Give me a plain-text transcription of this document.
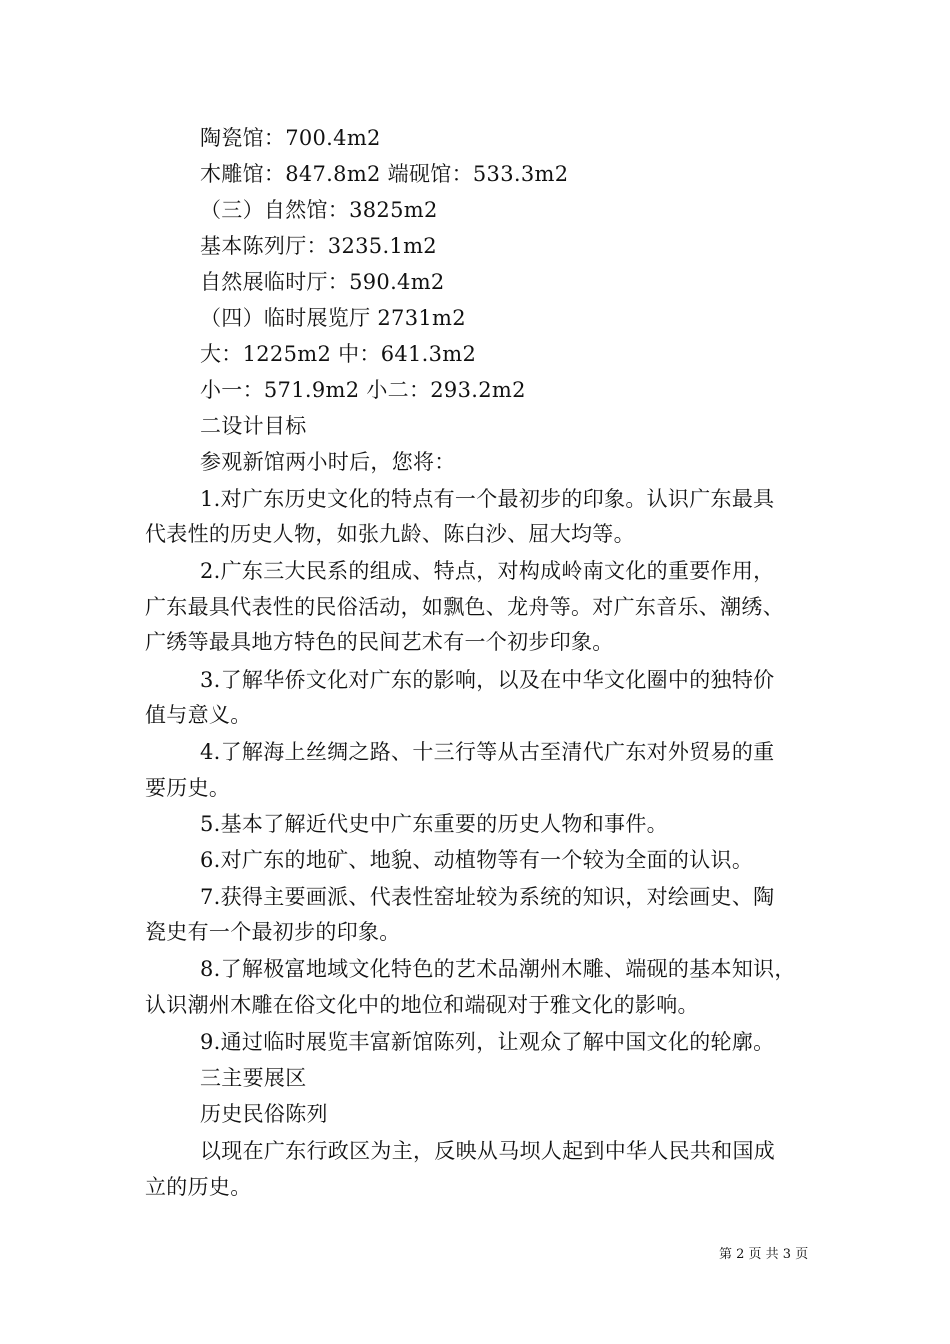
陶瓷馆：700.4m2
木雕馆：847.8m2 端砚馆：533.3m2
（三）自然馆：3825m2
基本陈列厅：3235.1m2
自然展临时厅：590.4m2
（四）临时展览厅 2731m2
大：1225m2 中：641.3m2
小一：571.9m2 小二：293.2m2
二设计目标
参观新馆两小时后，您将：
1.对广东历史文化的特点有一个最初步的印象。认识广东最具
代表性的历史人物，如张九龄、陈白沙、屈大均等。
2.广东三大民系的组成、特点，对构成岭南文化的重要作用，
广东最具代表性的民俗活动，如飘色、龙舟等。对广东音乐、潮绣、
广绣等最具地方特色的民间艺术有一个初步印象。
3.了解华侨文化对广东的影响，以及在中华文化圈中的独特价
值与意义。
4.了解海上丝绸之路、十三行等从古至清代广东对外贸易的重
要历史。
5.基本了解近代史中广东重要的历史人物和事件。
6.对广东的地矿、地貌、动植物等有一个较为全面的认识。
7.获得主要画派、代表性窑址较为系统的知识，对绘画史、陶
瓷史有一个最初步的印象。
8.了解极富地域文化特色的艺术品潮州木雕、端砚的基本知识，
认识潮州木雕在俗文化中的地位和端砚对于雅文化的影响。
9.通过临时展览丰富新馆陈列，让观众了解中国文化的轮廓。
三主要展区
历史民俗陈列
以现在广东行政区为主，反映从马坝人起到中华人民共和国成
立的历史。
第 2 页 共 3 页
